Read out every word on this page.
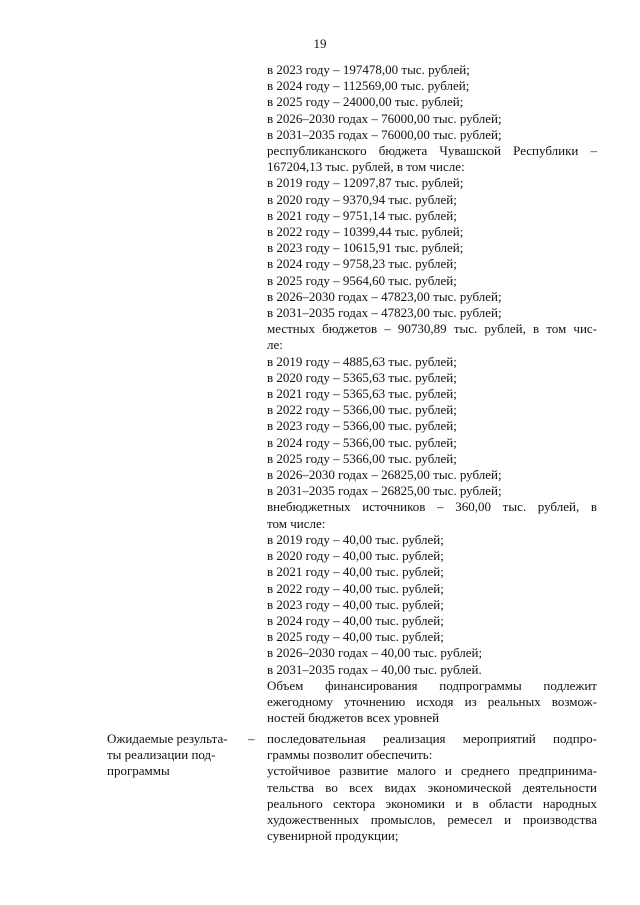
19
в 2023 году – 197478,00 тыс. рублей;
в 2024 году – 112569,00 тыс. рублей;
в 2025 году – 24000,00 тыс. рублей;
в 2026–2030 годах – 76000,00 тыс. рублей;
в 2031–2035 годах – 76000,00 тыс. рублей;
республиканского бюджета Чувашской Республики –
167204,13 тыс. рублей, в том числе:
в 2019 году – 12097,87 тыс. рублей;
в 2020 году – 9370,94 тыс. рублей;
в 2021 году – 9751,14 тыс. рублей;
в 2022 году – 10399,44 тыс. рублей;
в 2023 году – 10615,91 тыс. рублей;
в 2024 году – 9758,23 тыс. рублей;
в 2025 году – 9564,60 тыс. рублей;
в 2026–2030 годах – 47823,00 тыс. рублей;
в 2031–2035 годах – 47823,00 тыс. рублей;
местных бюджетов – 90730,89 тыс. рублей, в том чис-
ле:
в 2019 году – 4885,63 тыс. рублей;
в 2020 году – 5365,63 тыс. рублей;
в 2021 году – 5365,63 тыс. рублей;
в 2022 году – 5366,00 тыс. рублей;
в 2023 году – 5366,00 тыс. рублей;
в 2024 году – 5366,00 тыс. рублей;
в 2025 году – 5366,00 тыс. рублей;
в 2026–2030 годах – 26825,00 тыс. рублей;
в 2031–2035 годах – 26825,00 тыс. рублей;
внебюджетных источников – 360,00 тыс. рублей, в
том числе:
в 2019 году – 40,00 тыс. рублей;
в 2020 году – 40,00 тыс. рублей;
в 2021 году – 40,00 тыс. рублей;
в 2022 году – 40,00 тыс. рублей;
в 2023 году – 40,00 тыс. рублей;
в 2024 году – 40,00 тыс. рублей;
в 2025 году – 40,00 тыс. рублей;
в 2026–2030 годах – 40,00 тыс. рублей;
в 2031–2035 годах – 40,00 тыс. рублей.
Объем финансирования подпрограммы подлежит
ежегодному уточнению исходя из реальных возмож-
ностей бюджетов всех уровней
Ожидаемые результа-
ты реализации под-
программы
– последовательная реализация мероприятий подпро-
граммы позволит обеспечить:
устойчивое развитие малого и среднего предпринима-
тельства во всех видах экономической деятельности
реального сектора экономики и в области народных
художественных промыслов, ремесел и производства
сувенирной продукции;
